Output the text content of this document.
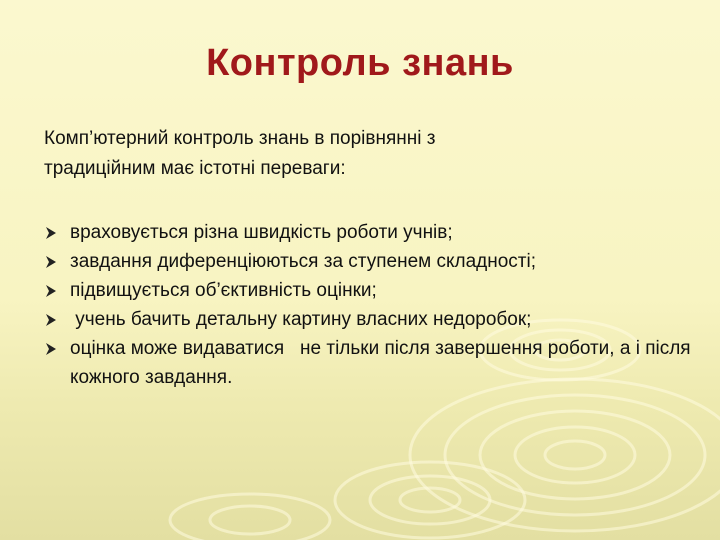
Контроль знань
Комп’ютерний контроль знань в порівнянні з
традиційним має істотні переваги:
враховується різна швидкість роботи учнів;
завдання диференціюються за ступенем складності;
підвищується об’єктивність оцінки;
учень бачить детальну картину власних недоробок;
оцінка може видаватися   не тільки після завершення роботи, а і після кожного завдання.
